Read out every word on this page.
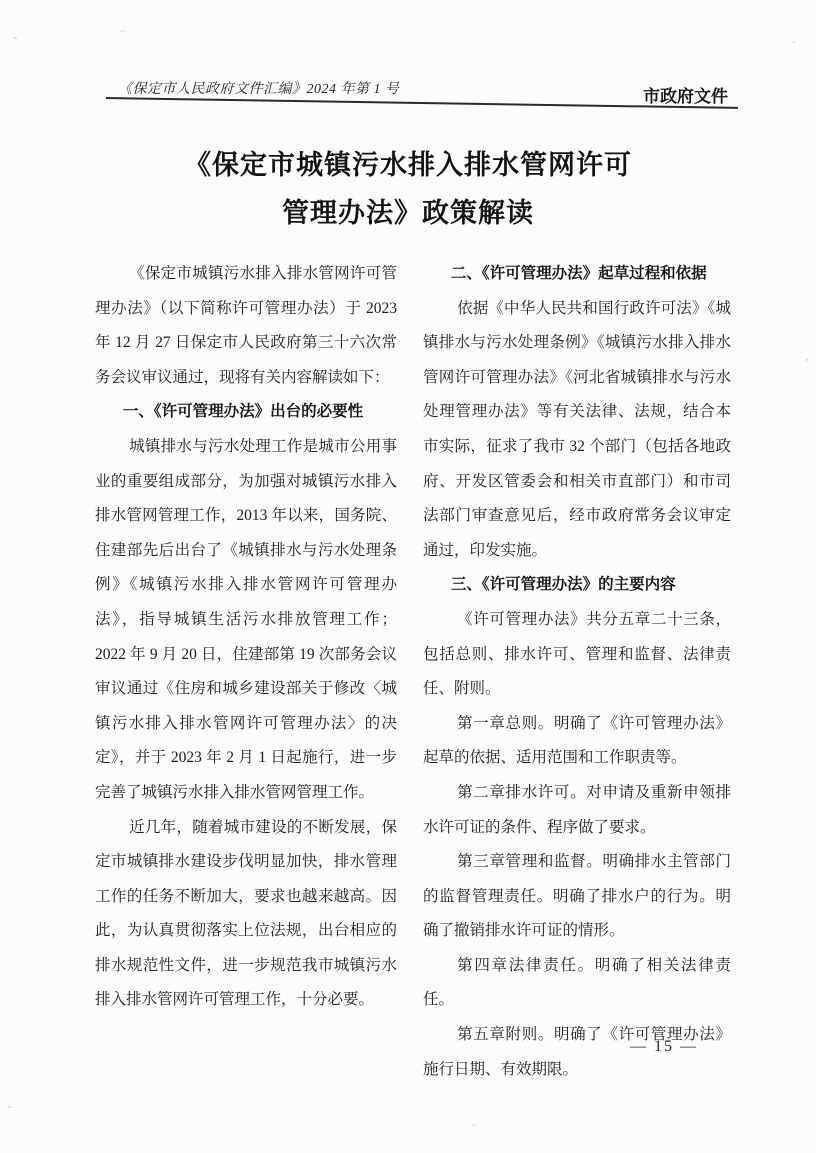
《保定市人民政府文件汇编》2024 年第 1 号	市政府文件
《保定市城镇污水排入排水管网许可
管理办法》政策解读

《保定市城镇污水排入排水管网许可管理办法》（以下简称许可管理办法）于 2023 年 12 月 27 日保定市人民政府第三十六次常务会议审议通过，现将有关内容解读如下：

一、《许可管理办法》出台的必要性

城镇排水与污水处理工作是城市公用事业的重要组成部分，为加强对城镇污水排入排水管网管理工作，2013 年以来，国务院、住建部先后出台了《城镇排水与污水处理条例》《城镇污水排入排水管网许可管理办法》，指导城镇生活污水排放管理工作；2022 年 9 月 20 日，住建部第 19 次部务会议审议通过《住房和城乡建设部关于修改〈城镇污水排入排水管网许可管理办法〉的决定》，并于 2023 年 2 月 1 日起施行，进一步完善了城镇污水排入排水管网管理工作。

近几年，随着城市建设的不断发展，保定市城镇排水建设步伐明显加快，排水管理工作的任务不断加大，要求也越来越高。因此，为认真贯彻落实上位法规，出台相应的排水规范性文件，进一步规范我市城镇污水排入排水管网许可管理工作，十分必要。

二、《许可管理办法》起草过程和依据

依据《中华人民共和国行政许可法》《城镇排水与污水处理条例》《城镇污水排入排水管网许可管理办法》《河北省城镇排水与污水处理管理办法》等有关法律、法规，结合本市实际，征求了我市 32 个部门（包括各地政府、开发区管委会和相关市直部门）和市司法部门审查意见后，经市政府常务会议审定通过，印发实施。

三、《许可管理办法》的主要内容

《许可管理办法》共分五章二十三条，包括总则、排水许可、管理和监督、法律责任、附则。

第一章总则。明确了《许可管理办法》起草的依据、适用范围和工作职责等。

第二章排水许可。对申请及重新申领排水许可证的条件、程序做了要求。

第三章管理和监督。明确排水主管部门的监督管理责任。明确了排水户的行为。明确了撤销排水许可证的情形。

第四章法律责任。明确了相关法律责任。

第五章附则。明确了《许可管理办法》施行日期、有效期限。

— 15 —
